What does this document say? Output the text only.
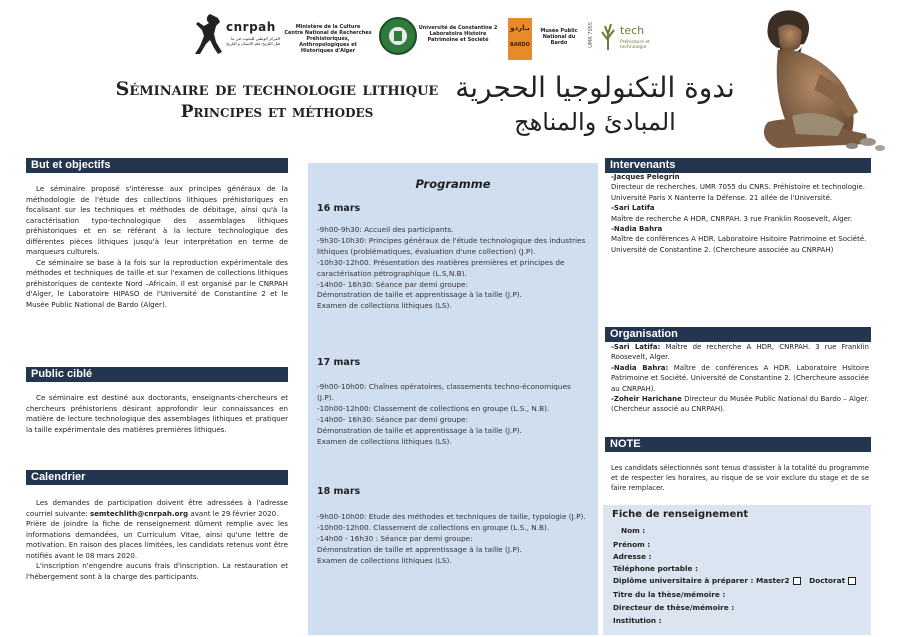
cnrpah
المركز الوطني للبحوث في ما قبل التاريخ علم الانسان و التاريخ
Ministère de la Culture
Centre National de Recherches
Préhistoriques, Anthropologiques et
Historiques d'Alger
Université de Constantine 2
Laboratoire Histoire
Patrimoine et Société
بـاردو
BARDO
Musée Public
National du Bardo	UMR 7055 tech
Préhistoire et technologie
Séminaire de technologie lithique
Principes et méthodes
ندوة التكنولوجيا الحجرية
المبادئ والمناهج
But et objectifs

Le séminaire proposé s'intéresse aux principes généraux de la méthodologie de l'étude des collections lithiques préhistoriques en focalisant sur les techniques et méthodes de débitage, ainsi qu'à la caractérisation typo-technologique des assemblages lithiques préhistoriques et en se référant à la lecture technologique des différentes pièces lithiques jusqu'à leur interprétation en terme de marqueurs culturels.

Ce séminaire se base à la fois sur la reproduction expérimentale des méthodes et techniques de taille et sur l'examen de collections lithiques préhistoriques de contexte Nord –Africain. Il est organisé par le CNRPAH d'Alger, le Laboratoire HIPASO de l'Université de Constantine 2 et le Musée Public National de Bardo (Alger).

Public ciblé

Ce séminaire est destiné aux doctorants, enseignants-chercheurs et chercheurs préhistoriens désirant approfondir leur connaissances en matière de lecture technologique des assemblages lithiques et pratiquer la taille expérimentale des matières premières lithiques.

Calendrier

Les demandes de participation doivent être adressées à l'adresse courriel suivante: semtechlith@cnrpah.org avant le 29 février 2020.

Prière de joindre la fiche de renseignement dûment remplie avec les informations demandées, un Curriculum Vitae, ainsi qu'une lettre de motivation. En raison des places limitées, les candidats retenus vont être notifiés avant le 08 mars 2020.

L'inscription n'engendre aucuns frais d'inscription. La restauration et l'hébergement sont à la charge des participants.

Programme
16 mars
-9h00-9h30: Accueil des participants.
-9h30-10h30: Principes généraux de l'étude technologique des industries lithiques (problématiques, évaluation d'une collection) (J.P).
-10h30-12h00. Présentation des matières premières et principes de caractérisation pétrographique (L.S,N.B).
-14h00- 16h30: Séance par demi groupe:
Démonstration de taille et apprentissage à la taille (J.P).
Examen de collections lithiques (LS).
17 mars
-9h00-10h00: Chaînes opératoires, classements techno-économiques (J.P).
-10h00-12h00: Classement de collections en groupe (L.S., N.B).
-14h00- 16h30: Séance par demi groupe:
Démonstration de taille et apprentissage à la taille (J.P).
Examen de collections lithiques (LS).
18 mars
-9h00-10h00: Etude des méthodes et techniques de taille, typologie (J.P).
-10h00-12h00. Classement de collections en groupe (L.S., N.B).
-14h00 - 16h30 : Séance par demi groupe:
Démonstration de taille et apprentissage à la taille (J.P).
Examen de collections lithiques (LS).
Intervenants
-Jacques Pelegrin
Directeur de recherches. UMR 7055 du CNRS. Préhistoire et technologie. Université Paris X Nanterre la Défense. 21 allée de l'Université.
-Sari Latifa
Maître de recherche A HDR, CNRPAH. 3 rue Franklin Roosevelt, Alger.
-Nadia Bahra
Maître de conférences A HDR. Laboratoire Hsitoire Patrimoine et Société. Université de Constantine 2. (Chercheure associée au CNRPAH)
Organisation
-Sari Latifa: Maître de recherche A HDR, CNRPAH. 3 rue Franklin Roosevelt, Alger.
-Nadia Bahra: Maître de conférences A HDR. Laboratoire Hsitoire Patrimoine et Société. Université de Constantine 2. (Chercheure associée au CNRPAH).
-Zoheir Harichane Directeur du Musée Public National du Bardo – Alger. (Chercheur associé au CNRPAH).
NOTE
Les candidats sélectionnés sont tenus d'assister à la totalité du programme et de respecter les horaires, au risque de se voir exclure du stage et de se faire remplacer.
Fiche de renseignement
Nom :
Prénom :
Adresse :
Téléphone portable :
Diplôme universitaire à préparer : Master2	Doctorat
Titre du la thèse/mémoire :
Directeur de thèse/mémoire :
Institution :
